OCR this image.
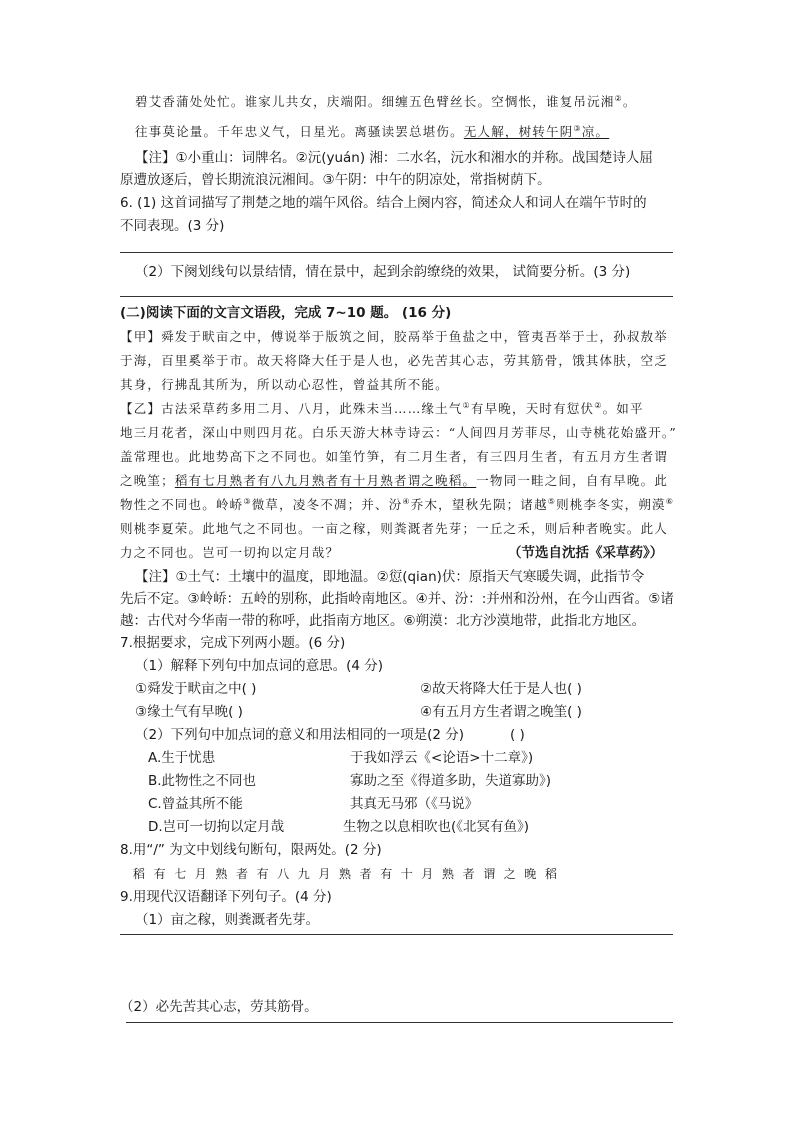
碧艾香蒲处处忙。谁家儿共女，庆端阳。细缠五色臂丝长。空惆怅，谁复吊沅湘②。
往事莫论量。千年忠义气，日星光。离骚读罢总堪伤。无人解，树转午阴③凉。
【注】①小重山：词牌名。②沅(yuán) 湘：二水名，沅水和湘水的并称。战国楚诗人屈
原遭放逐后，曾长期流浪沅湘间。③午阴：中午的阴凉处，常指树荫下。
6. (1) 这首词描写了荆楚之地的端午风俗。结合上阕内容，简述众人和词人在端午节时的
不同表现。(3 分)
（2）下阕划线句以景结情，情在景中，起到余韵缭绕的效果， 试简要分析。(3 分)
(二)阅读下面的文言文语段，完成 7~10 题。 (16 分)
【甲】舜发于畎亩之中，傅说举于版筑之间，胶鬲举于鱼盐之中，管夷吾举于士，孙叔敖举
于海，百里奚举于市。故天将降大任于是人也，必先苦其心志，劳其筋骨，饿其体肤，空乏
其身，行拂乱其所为，所以动心忍性，曾益其所不能。
【乙】古法采草药多用二月、八月，此殊未当……缘土气①有早晚，天时有愆伏②。如平
地三月花者，深山中则四月花。白乐天游大林寺诗云：“人间四月芳菲尽，山寺桃花始盛开。”
盖常理也。此地势高下之不同也。如筀竹笋，有二月生者，有三四月生者，有五月方生者谓
之晚筀；稻有七月熟者有八九月熟者有十月熟者谓之晚稻。一物同一畦之间，自有早晚。此
物性之不同也。岭峤③微草，凌冬不凋；并、汾④乔木，望秋先陨；诸越⑤则桃李冬实，朔漠⑥
则桃李夏荣。此地气之不同也。一亩之稼，则粪溉者先芽；一丘之禾，则后种者晚实。此人
力之不同也。岂可一切拘以定月哉？	（节选自沈括《采草药》）
【注】①土气：土壤中的温度，即地温。②愆(qian)伏：原指天气寒暖失调，此指节令
先后不定。③岭峤：五岭的别称，此指岭南地区。④并、汾：:并州和汾州，在今山西省。⑤诸
越：古代对今华南一带的称呼，此指南方地区。⑥朔漠：北方沙漠地带，此指北方地区。
7.根据要求，完成下列两小题。(6 分)
（1）解释下列句中加点词的意思。(4 分)
①舜发于畎亩之中( )	②故天将降大任于是人也( )
③缘土气有早晚( )	④有五月方生者谓之晚筀( )
（2）下列句中加点词的意义和用法相同的一项是(2 分)	( )
A.生于忧患	于我如浮云《<论语>十二章》)
B.此物性之不同也	寡助之至《得道多助，失道寡助》)
C.曾益其所不能	其真无马邪（《马说》
D.岂可一切拘以定月哉	生物之以息相吹也(《北冥有鱼》)
8.用“/” 为文中划线句断句，限两处。(2 分)
稻有七月熟者有八九月熟者有十月熟者谓之晚稻
9.用现代汉语翻译下列句子。(4 分)
（1）亩之稼，则粪溉者先芽。
（2）必先苦其心志，劳其筋骨。
